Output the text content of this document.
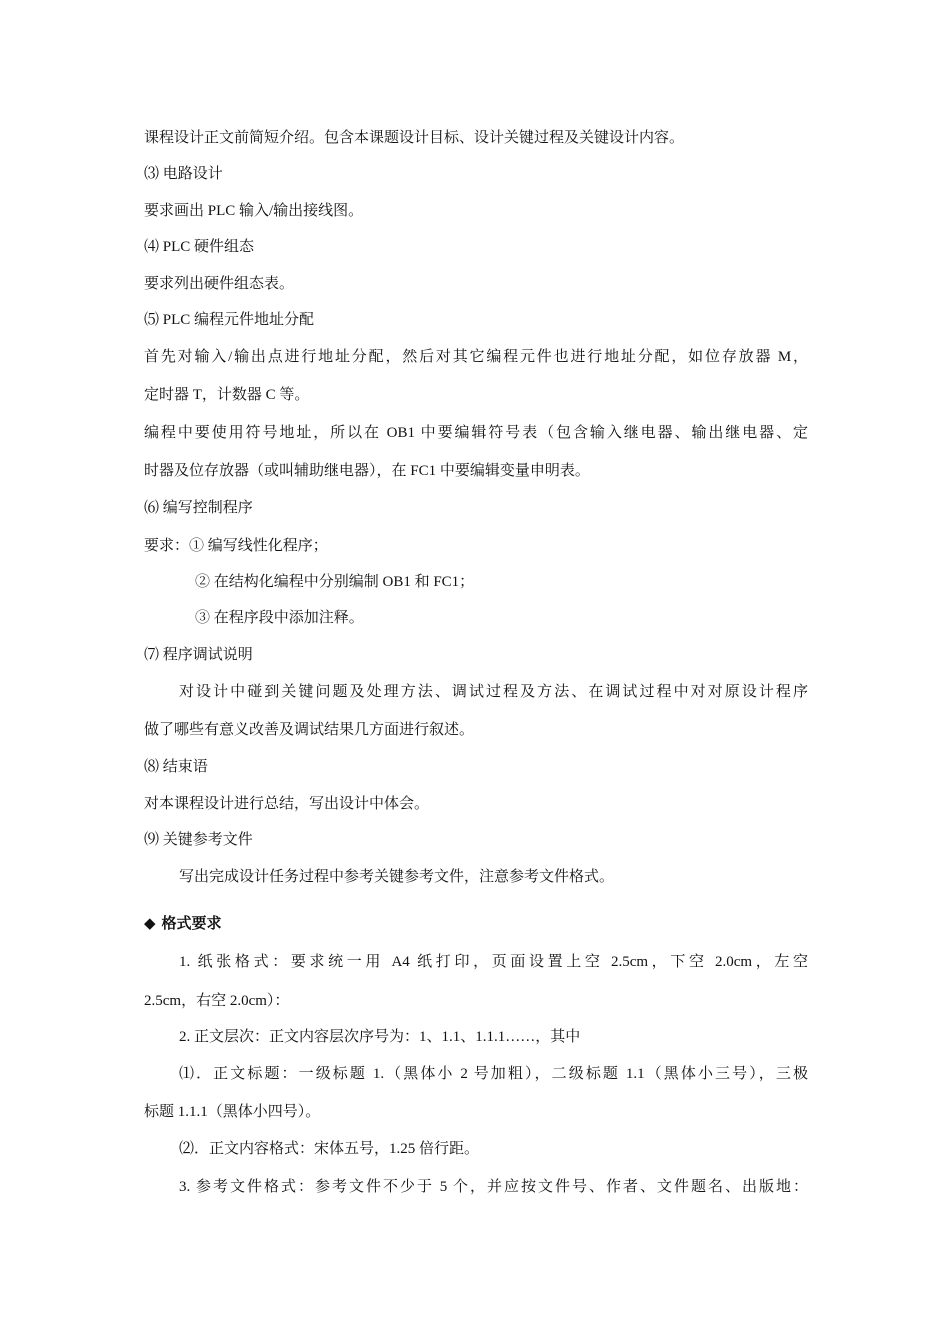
课程设计正文前简短介绍。包含本课题设计目标、设计关键过程及关键设计内容。
⑶ 电路设计
要求画出 PLC 输入/输出接线图。
⑷ PLC 硬件组态
要求列出硬件组态表。
⑸ PLC 编程元件地址分配
首先对输入/输出点进行地址分配，然后对其它编程元件也进行地址分配，如位存放器 M，
定时器 T，计数器 C 等。
编程中要使用符号地址，所以在 OB1 中要编辑符号表（包含输入继电器、输出继电器、定
时器及位存放器（或叫辅助继电器），在 FC1 中要编辑变量申明表。
⑹ 编写控制程序
要求：① 编写线性化程序；
② 在结构化编程中分别编制 OB1 和 FC1；
③ 在程序段中添加注释。
⑺ 程序调试说明
对设计中碰到关键问题及处理方法、调试过程及方法、在调试过程中对对原设计程序
做了哪些有意义改善及调试结果几方面进行叙述。
⑻ 结束语
对本课程设计进行总结，写出设计中体会。
⑼ 关键参考文件
写出完成设计任务过程中参考关键参考文件，注意参考文件格式。
◆ 格式要求
1. 纸张格式：要求统一用 A4 纸打印，页面设置上空 2.5cm，下空 2.0cm，左空
2.5cm，右空 2.0cm）：
2. 正文层次：正文内容层次序号为：1、1.1、1.1.1……，其中
⑴．正文标题：一级标题 1.（黑体小 2 号加粗），二级标题 1.1（黑体小三号），三极
标题 1.1.1（黑体小四号）。
⑵．正文内容格式：宋体五号，1.25 倍行距。
3. 参考文件格式：参考文件不少于 5 个，并应按文件号、作者、文件题名、出版地：
